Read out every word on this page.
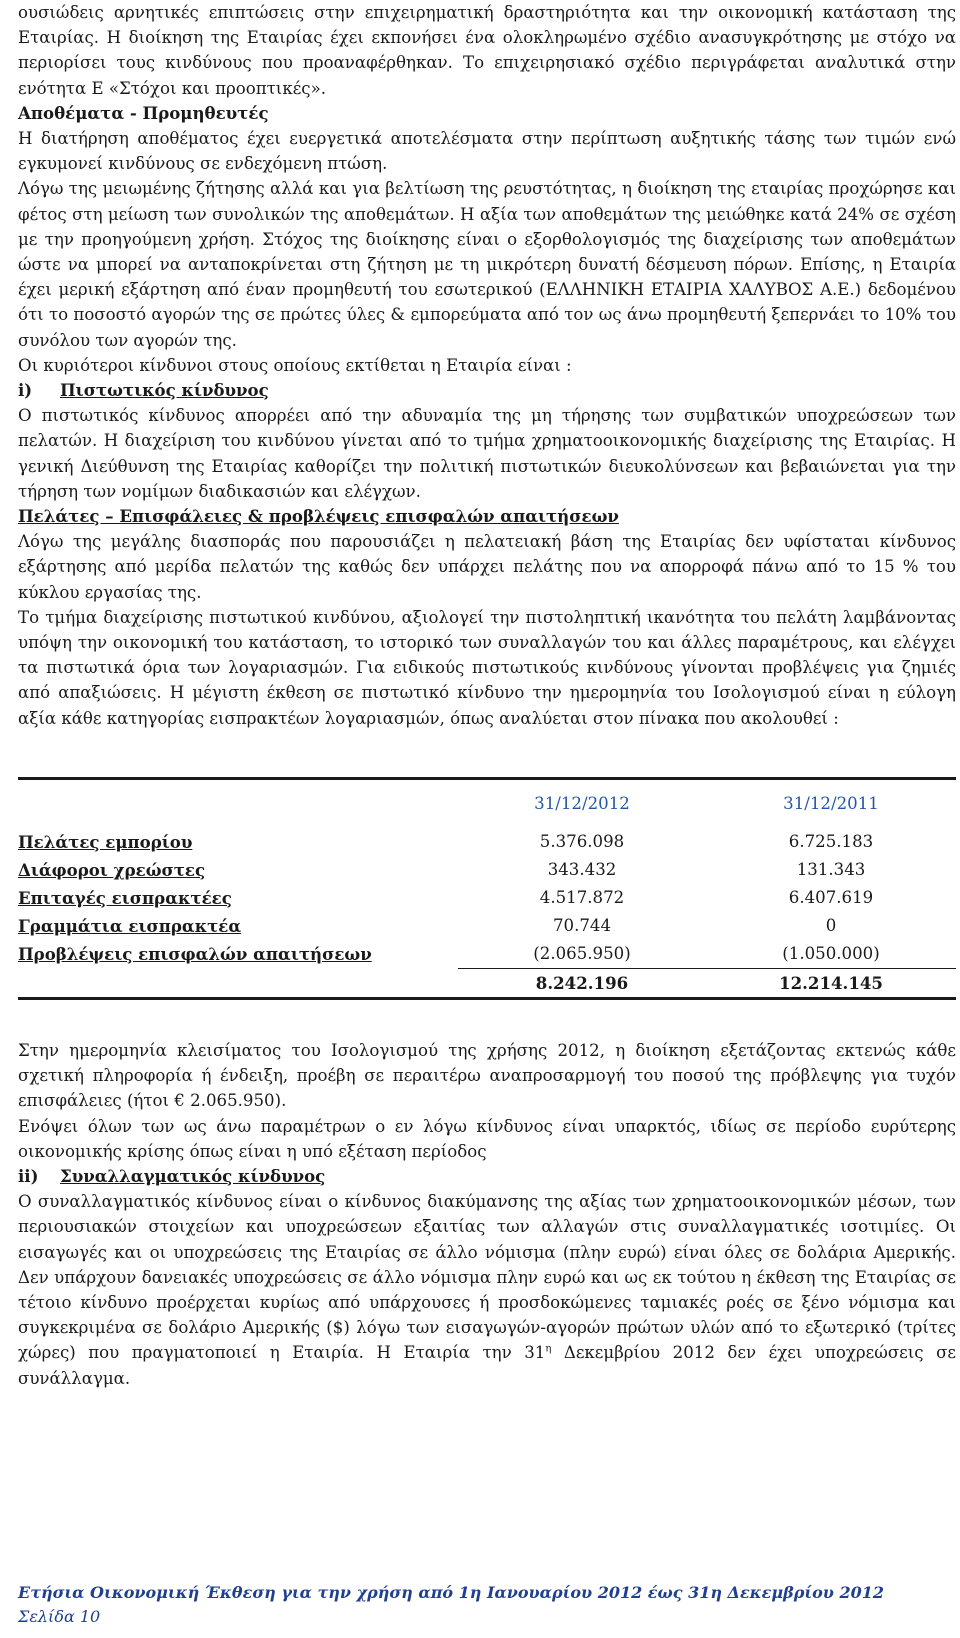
ουσιώδεις αρνητικές επιπτώσεις στην επιχειρηματική δραστηριότητα και την οικονομική κατάσταση της Εταιρίας. Η διοίκηση της Εταιρίας έχει εκπονήσει ένα ολοκληρωμένο σχέδιο ανασυγκρότησης με στόχο να περιορίσει τους κινδύνους που προαναφέρθηκαν. Το επιχειρησιακό σχέδιο περιγράφεται αναλυτικά στην ενότητα Ε «Στόχοι και προοπτικές».

Αποθέματα - Προμηθευτές

Η διατήρηση αποθέματος έχει ευεργετικά αποτελέσματα στην περίπτωση αυξητικής τάσης των τιμών ενώ εγκυμονεί κινδύνους σε ενδεχόμενη πτώση.

Λόγω της μειωμένης ζήτησης αλλά και για βελτίωση της ρευστότητας, η διοίκηση της εταιρίας προχώρησε και φέτος στη μείωση των συνολικών της αποθεμάτων. Η αξία των αποθεμάτων της μειώθηκε κατά 24% σε σχέση με την προηγούμενη χρήση. Στόχος της διοίκησης είναι ο εξορθολογισμός της διαχείρισης των αποθεμάτων ώστε να μπορεί να ανταποκρίνεται στη ζήτηση με τη μικρότερη δυνατή δέσμευση πόρων. Επίσης, η Εταιρία έχει μερική εξάρτηση από έναν προμηθευτή του εσωτερικού (ΕΛΛΗΝΙΚΗ ΕΤΑΙΡΙΑ ΧΑΛΥΒΟΣ Α.Ε.) δεδομένου ότι το ποσοστό αγορών της σε πρώτες ύλες & εμπορεύματα από τον ως άνω προμηθευτή ξεπερνάει το 10% του συνόλου των αγορών της.

Οι κυριότεροι κίνδυνοι στους οποίους εκτίθεται η Εταιρία είναι :

i) Πιστωτικός κίνδυνος

Ο πιστωτικός κίνδυνος απορρέει από την αδυναμία της μη τήρησης των συμβατικών υποχρεώσεων των πελατών. Η διαχείριση του κινδύνου γίνεται από το τμήμα χρηματοοικονομικής διαχείρισης της Εταιρίας. Η γενική Διεύθυνση της Εταιρίας καθορίζει την πολιτική πιστωτικών διευκολύνσεων και βεβαιώνεται για την τήρηση των νομίμων διαδικασιών και ελέγχων.

Πελάτες – Επισφάλειες & προβλέψεις επισφαλών απαιτήσεων

Λόγω της μεγάλης διασποράς που παρουσιάζει η πελατειακή βάση της Εταιρίας δεν υφίσταται κίνδυνος εξάρτησης από μερίδα πελατών της καθώς δεν υπάρχει πελάτης που να απορροφά πάνω από το 15 % του κύκλου εργασίας της.

Το τμήμα διαχείρισης πιστωτικού κινδύνου, αξιολογεί την πιστοληπτική ικανότητα του πελάτη λαμβάνοντας υπόψη την οικονομική του κατάσταση, το ιστορικό των συναλλαγών του και άλλες παραμέτρους, και ελέγχει τα πιστωτικά όρια των λογαριασμών. Για ειδικούς πιστωτικούς κινδύνους γίνονται προβλέψεις για ζημιές από απαξιώσεις. Η μέγιστη έκθεση σε πιστωτικό κίνδυνο την ημερομηνία του Ισολογισμού είναι η εύλογη αξία κάθε κατηγορίας εισπρακτέων λογαριασμών, όπως αναλύεται στον πίνακα που ακολουθεί :

	31/12/2012	31/12/2011
Πελάτες εμπορίου	5.376.098	6.725.183
Διάφοροι χρεώστες	343.432	131.343
Επιταγές εισπρακτέες	4.517.872	6.407.619
Γραμμάτια εισπρακτέα	70.744	0
Προβλέψεις επισφαλών απαιτήσεων	(2.065.950)	(1.050.000)
	8.242.196	12.214.145

Στην ημερομηνία κλεισίματος του Ισολογισμού της χρήσης 2012, η διοίκηση εξετάζοντας εκτενώς κάθε σχετική πληροφορία ή ένδειξη, προέβη σε περαιτέρω αναπροσαρμογή του ποσού της πρόβλεψης για τυχόν επισφάλειες (ήτοι € 2.065.950).

Ενόψει όλων των ως άνω παραμέτρων ο εν λόγω κίνδυνος είναι υπαρκτός, ιδίως σε περίοδο ευρύτερης οικονομικής κρίσης όπως είναι η υπό εξέταση περίοδος

ii) Συναλλαγματικός κίνδυνος

Ο συναλλαγματικός κίνδυνος είναι ο κίνδυνος διακύμανσης της αξίας των χρηματοοικονομικών μέσων, των περιουσιακών στοιχείων και υποχρεώσεων εξαιτίας των αλλαγών στις συναλλαγματικές ισοτιμίες. Οι εισαγωγές και οι υποχρεώσεις της Εταιρίας σε άλλο νόμισμα (πλην ευρώ) είναι όλες σε δολάρια Αμερικής. Δεν υπάρχουν δανειακές υποχρεώσεις σε άλλο νόμισμα πλην ευρώ και ως εκ τούτου η έκθεση της Εταιρίας σε τέτοιο κίνδυνο προέρχεται κυρίως από υπάρχουσες ή προσδοκώμενες ταμιακές ροές σε ξένο νόμισμα και συγκεκριμένα σε δολάριο Αμερικής ($) λόγω των εισαγωγών-αγορών πρώτων υλών από το εξωτερικό (τρίτες χώρες) που πραγματοποιεί η Εταιρία. Η Εταιρία την $31^\eta$ Δεκεμβρίου 2012 δεν έχει υποχρεώσεις σε συνάλλαγμα.

Ετήσια Οικονομική Έκθεση για την χρήση από 1η Ιανουαρίου 2012 έως 31η Δεκεμβρίου 2012
Σελίδα 10
